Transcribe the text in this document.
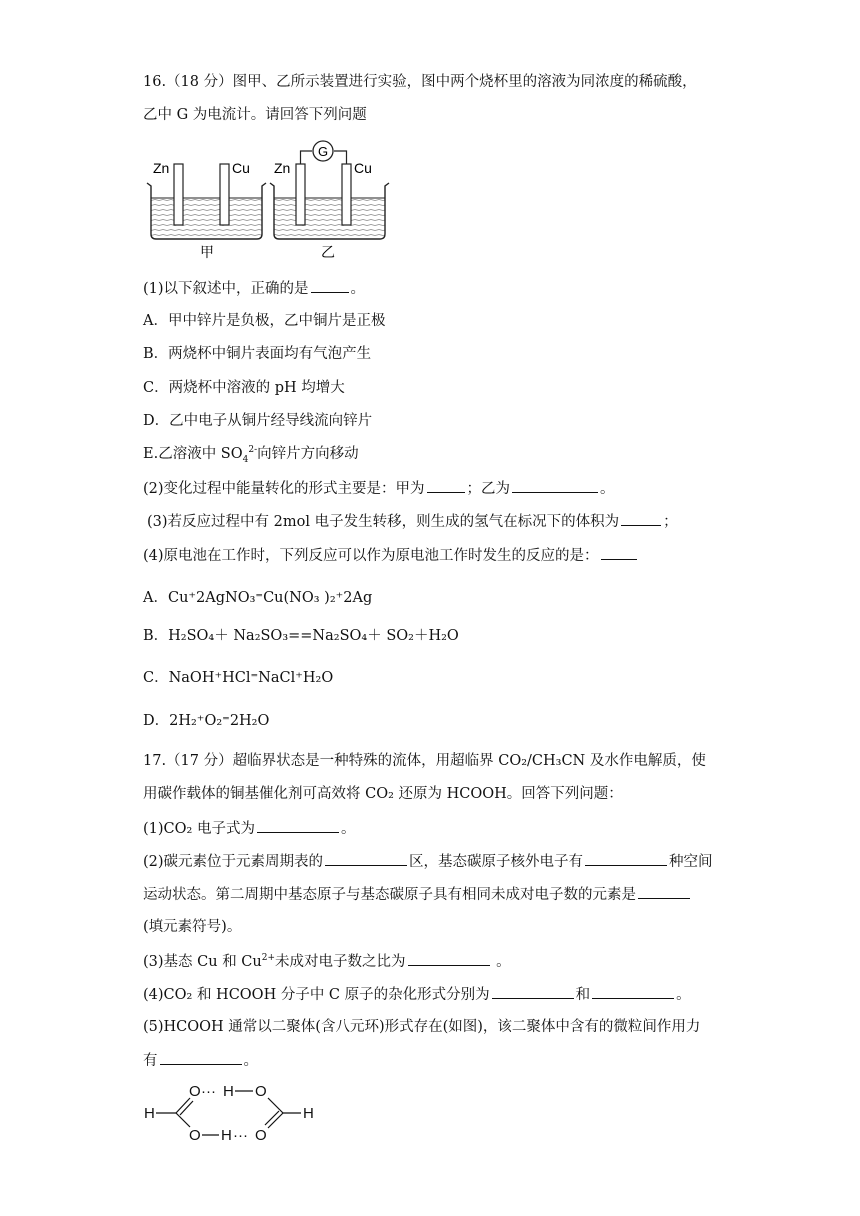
16.（18 分）图甲、乙所示装置进行实验，图中两个烧杯里的溶液为同浓度的稀硫酸，
乙中 G 为电流计。请回答下列问题
Zn	Cu
甲
G
Zn	Cu
乙
(1)以下叙述中，正确的是	。
A．甲中锌片是负极，乙中铜片是正极
B．两烧杯中铜片表面均有气泡产生
C．两烧杯中溶液的 pH 均增大
D．乙中电子从铜片经导线流向锌片
E.乙溶液中 $SO_4^{2-}$向锌片方向移动
(2)变化过程中能量转化的形式主要是：甲为	；乙为	。
(3)若反应过程中有 2mol 电子发生转移，则生成的氢气在标况下的体积为	；
(4)原电池在工作时，下列反应可以作为原电池工作时发生的反应的是：
A．Cu⁺2AgNO₃⁼Cu(NO₃ )₂⁺2Ag
B．H₂SO₄＋ Na₂SO₃==Na₂SO₄＋ SO₂＋H₂O
C．NaOH⁺HCl⁼NaCl⁺H₂O
D．2H₂⁺O₂⁼2H₂O
17.（17 分）超临界状态是一种特殊的流体，用超临界 CO₂/CH₃CN 及水作电解质，使
用碳作载体的铜基催化剂可高效将 CO₂ 还原为 HCOOH。回答下列问题：
(1)CO₂ 电子式为	。
(2)碳元素位于元素周期表的	区，基态碳原子核外电子有	种空间
运动状态。第二周期中基态原子与基态碳原子具有相同未成对电子数的元素是
(填元素符号)。
(3)基态 Cu 和 $Cu^{2+}$未成对电子数之比为	。
(4)CO₂ 和 HCOOH 分子中 C 原子的杂化形式分别为	和	。
(5)HCOOH 通常以二聚体(含八元环)形式存在(如图)，该二聚体中含有的微粒间作用力
有	。
H
O ··· H O
O H ··· O
H
